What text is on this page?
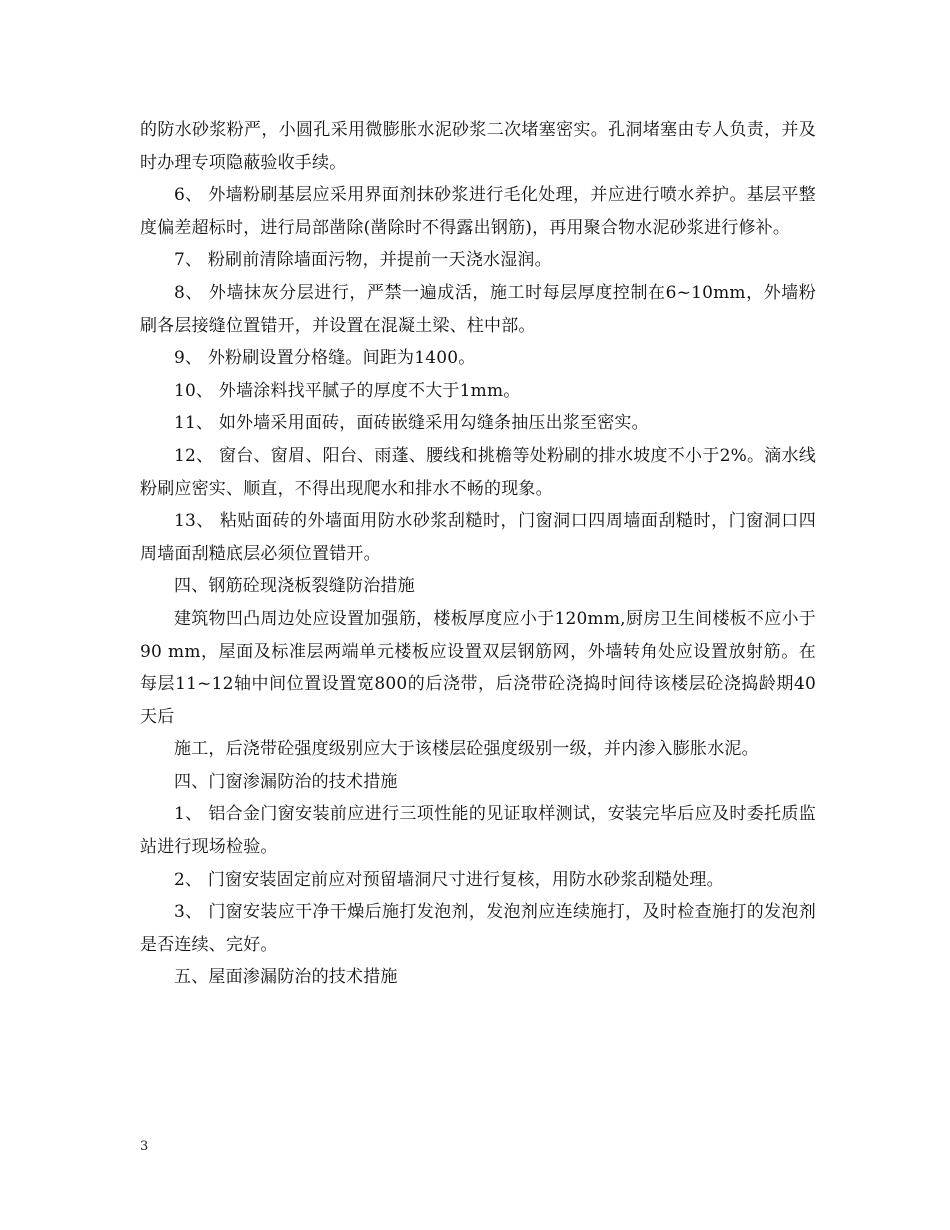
的防水砂浆粉严，小圆孔采用微膨胀水泥砂浆二次堵塞密实。孔洞堵塞由专人负责，并及时办理专项隐蔽验收手续。

6、 外墙粉刷基层应采用界面剂抹砂浆进行毛化处理，并应进行喷水养护。基层平整度偏差超标时，进行局部凿除(凿除时不得露出钢筋)，再用聚合物水泥砂浆进行修补。

7、 粉刷前清除墙面污物，并提前一天浇水湿润。

8、 外墙抹灰分层进行，严禁一遍成活，施工时每层厚度控制在6~10mm，外墙粉刷各层接缝位置错开，并设置在混凝土梁、柱中部。

9、 外粉刷设置分格缝。间距为1400。

10、 外墙涂料找平腻子的厚度不大于1mm。

11、 如外墙采用面砖，面砖嵌缝采用勾缝条抽压出浆至密实。

12、 窗台、窗眉、阳台、雨蓬、腰线和挑檐等处粉刷的排水坡度不小于2%。滴水线粉刷应密实、顺直，不得出现爬水和排水不畅的现象。

13、 粘贴面砖的外墙面用防水砂浆刮糙时，门窗洞口四周墙面刮糙时，门窗洞口四周墙面刮糙底层必须位置错开。

四、钢筋砼现浇板裂缝防治措施

建筑物凹凸周边处应设置加强筋，楼板厚度应小于120mm,厨房卫生间楼板不应小于90 mm，屋面及标准层两端单元楼板应设置双层钢筋网，外墙转角处应设置放射筋。在每层11~12轴中间位置设置宽800的后浇带，后浇带砼浇捣时间待该楼层砼浇捣龄期40天后

施工，后浇带砼强度级别应大于该楼层砼强度级别一级，并内渗入膨胀水泥。

四、门窗渗漏防治的技术措施

1、 铝合金门窗安装前应进行三项性能的见证取样测试，安装完毕后应及时委托质监站进行现场检验。

2、 门窗安装固定前应对预留墙洞尺寸进行复核，用防水砂浆刮糙处理。

3、 门窗安装应干净干燥后施打发泡剂，发泡剂应连续施打，及时检查施打的发泡剂是否连续、完好。

五、屋面渗漏防治的技术措施

3
